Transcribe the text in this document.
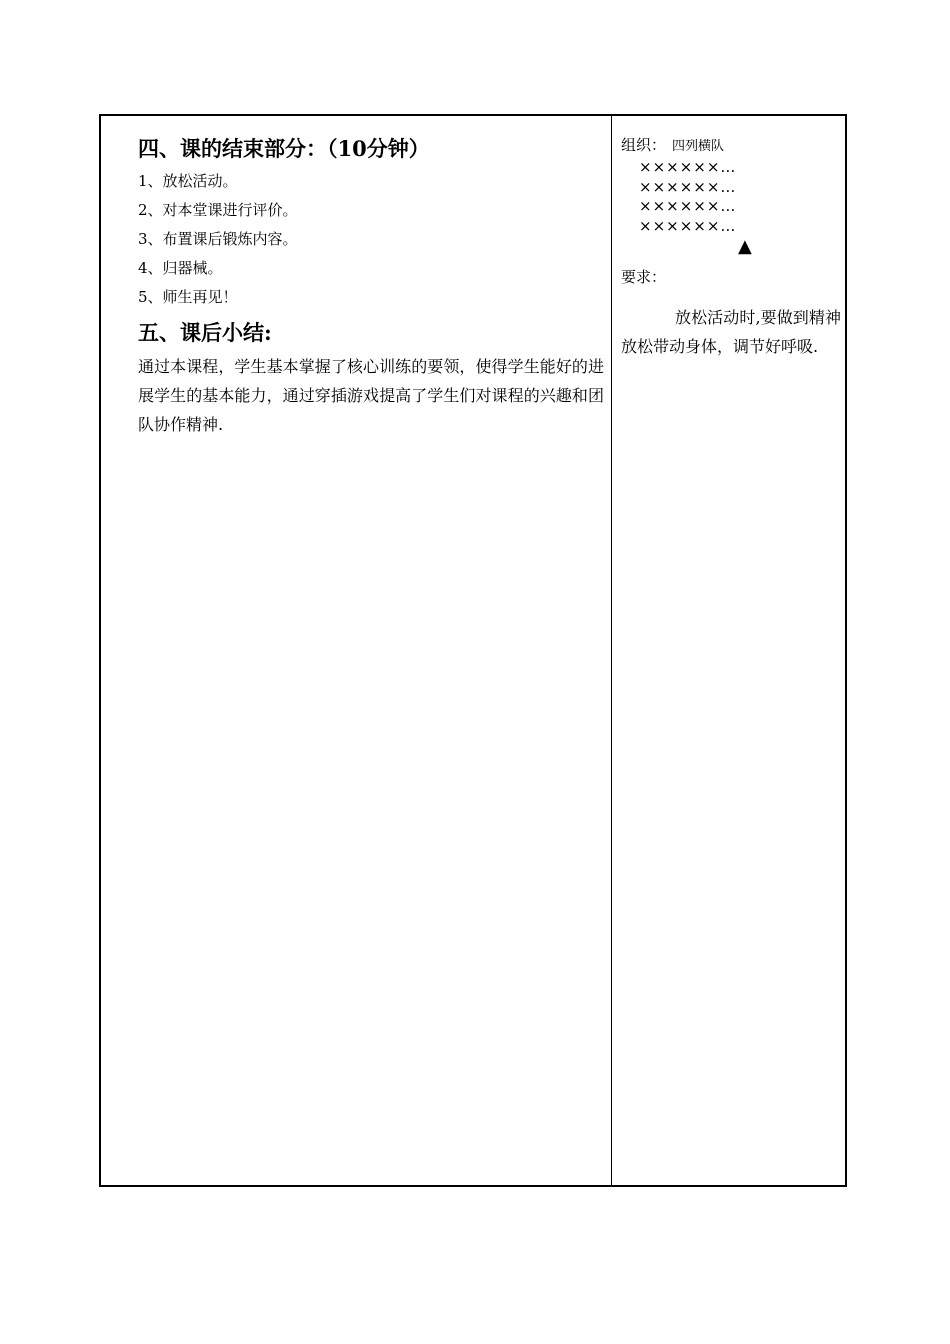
四、课的结束部分：（10分钟）

1、放松活动。

2、对本堂课进行评价。

3、布置课后锻炼内容。

4、归器械。

5、师生再见！

五、课后小结:

通过本课程，学生基本掌握了核心训练的要领，使得学生能好的进展学生的基本能力，通过穿插游戏提高了学生们对课程的兴趣和团队协作精神.

组织： 四列横队
××××××…
××××××…
××××××…
××××××…
▲
要求：
放松活动时,要做到精神放松带动身体，调节好呼吸.
